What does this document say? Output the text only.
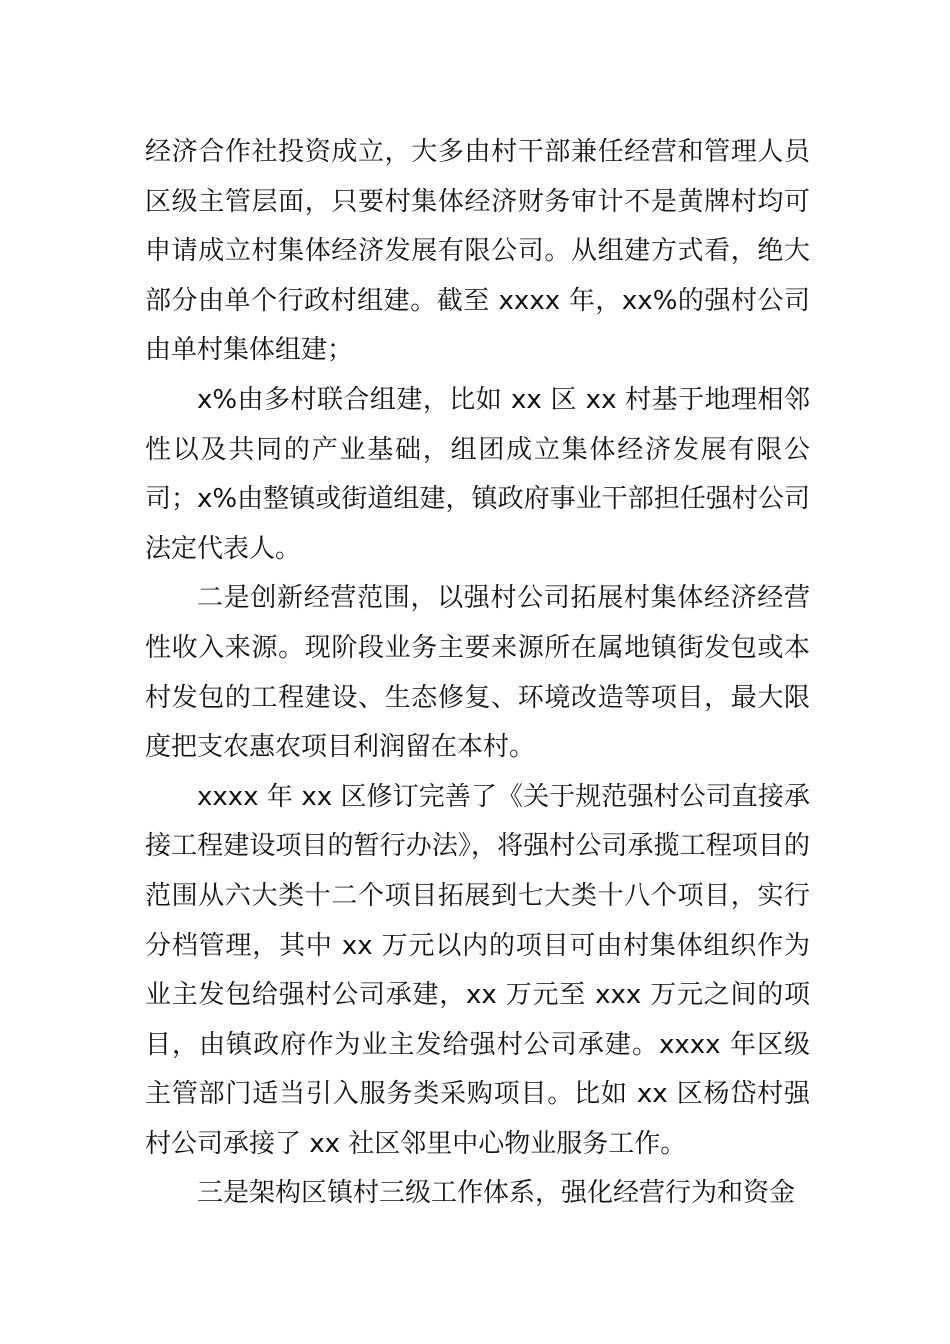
经济合作社投资成立，大多由村干部兼任经营和管理人员区级主管层面，只要村集体经济财务审计不是黄牌村均可申请成立村集体经济发展有限公司。从组建方式看，绝大部分由单个行政村组建。截至 xxxx 年，xx%的强村公司由单村集体组建；

x%由多村联合组建，比如 xx 区 xx 村基于地理相邻性以及共同的产业基础，组团成立集体经济发展有限公司；x%由整镇或街道组建，镇政府事业干部担任强村公司法定代表人。

二是创新经营范围，以强村公司拓展村集体经济经营性收入来源。现阶段业务主要来源所在属地镇街发包或本村发包的工程建设、生态修复、环境改造等项目，最大限度把支农惠农项目利润留在本村。

xxxx 年 xx 区修订完善了《关于规范强村公司直接承接工程建设项目的暂行办法》，将强村公司承揽工程项目的范围从六大类十二个项目拓展到七大类十八个项目，实行分档管理，其中 xx 万元以内的项目可由村集体组织作为业主发包给强村公司承建，xx 万元至 xxx 万元之间的项目，由镇政府作为业主发给强村公司承建。xxxx 年区级主管部门适当引入服务类采购项目。比如 xx 区杨岱村强村公司承接了 xx 社区邻里中心物业服务工作。

三是架构区镇村三级工作体系，强化经营行为和资金
